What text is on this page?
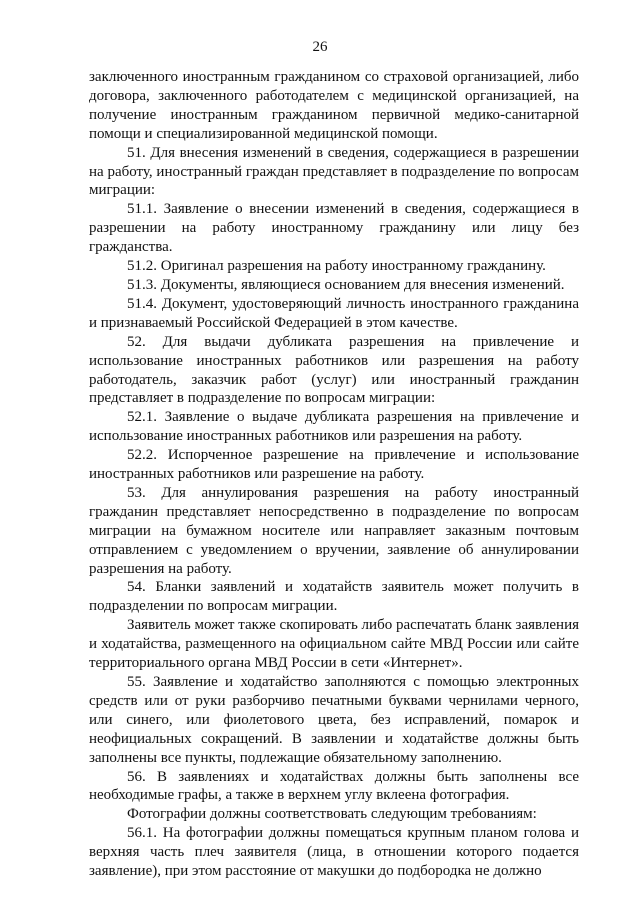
26

заключенного иностранным гражданином со страховой организацией, либо договора, заключенного работодателем с медицинской организацией, на получение иностранным гражданином первичной медико-санитарной помощи и специализированной медицинской помощи.

51. Для внесения изменений в сведения, содержащиеся в разрешении на работу, иностранный граждан представляет в подразделение по вопросам миграции:

51.1. Заявление о внесении изменений в сведения, содержащиеся в разрешении на работу иностранному гражданину или лицу без гражданства.

51.2. Оригинал разрешения на работу иностранному гражданину.

51.3. Документы, являющиеся основанием для внесения изменений.

51.4. Документ, удостоверяющий личность иностранного гражданина и признаваемый Российской Федерацией в этом качестве.

52. Для выдачи дубликата разрешения на привлечение и использование иностранных работников или разрешения на работу работодатель, заказчик работ (услуг) или иностранный гражданин представляет в подразделение по вопросам миграции:

52.1. Заявление о выдаче дубликата разрешения на привлечение и использование иностранных работников или разрешения на работу.

52.2. Испорченное разрешение на привлечение и использование иностранных работников или разрешение на работу.

53. Для аннулирования разрешения на работу иностранный гражданин представляет непосредственно в подразделение по вопросам миграции на бумажном носителе или направляет заказным почтовым отправлением с уведомлением о вручении, заявление об аннулировании разрешения на работу.

54. Бланки заявлений и ходатайств заявитель может получить в подразделении по вопросам миграции.

Заявитель может также скопировать либо распечатать бланк заявления и ходатайства, размещенного на официальном сайте МВД России или сайте территориального органа МВД России в сети «Интернет».

55. Заявление и ходатайство заполняются с помощью электронных средств или от руки разборчиво печатными буквами чернилами черного, или синего, или фиолетового цвета, без исправлений, помарок и неофициальных сокращений. В заявлении и ходатайстве должны быть заполнены все пункты, подлежащие обязательному заполнению.

56. В заявлениях и ходатайствах должны быть заполнены все необходимые графы, а также в верхнем углу вклеена фотография.

Фотографии должны соответствовать следующим требованиям:

56.1. На фотографии должны помещаться крупным планом голова и верхняя часть плеч заявителя (лица, в отношении которого подается заявление), при этом расстояние от макушки до подбородка не должно
